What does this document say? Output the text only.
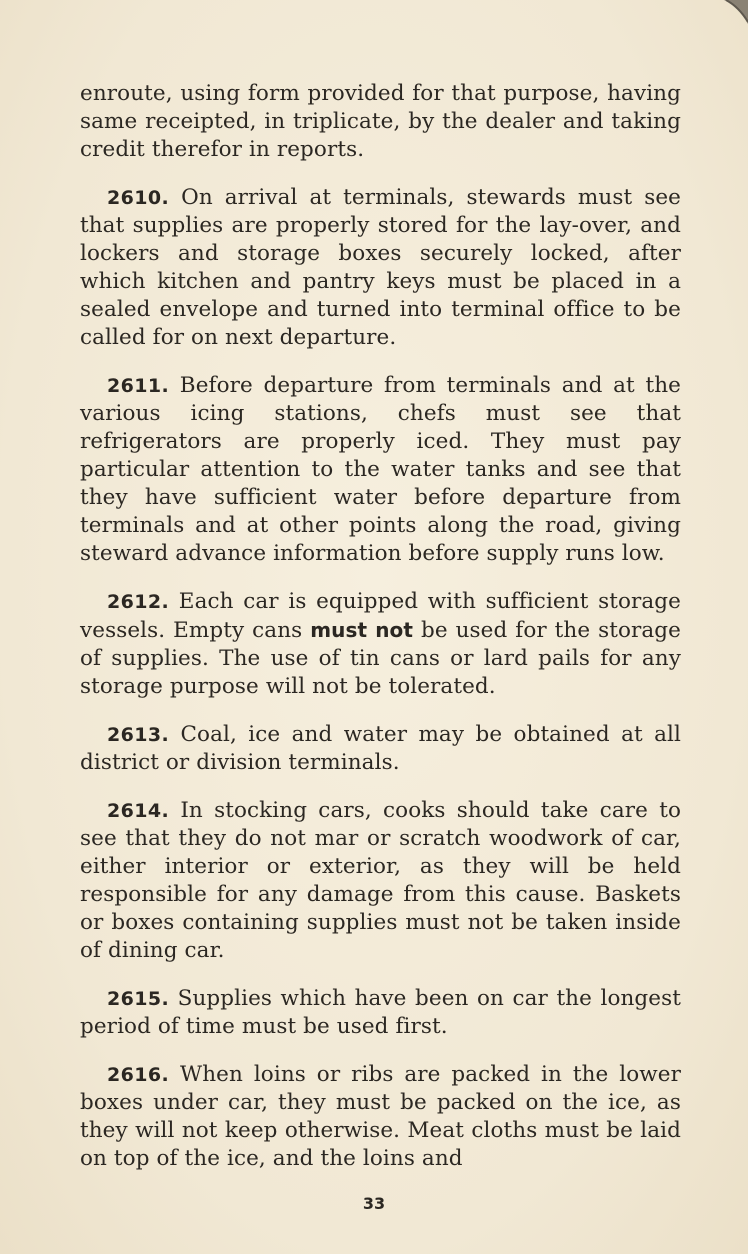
enroute, using form provided for that purpose, having same receipted, in triplicate, by the dealer and taking credit therefor in reports.

2610. On arrival at terminals, stewards must see that supplies are properly stored for the lay-over, and lockers and storage boxes securely locked, after which kitchen and pantry keys must be placed in a sealed envelope and turned into terminal office to be called for on next departure.

2611. Before departure from terminals and at the various icing stations, chefs must see that refrigerators are properly iced. They must pay particular attention to the water tanks and see that they have sufficient water before departure from terminals and at other points along the road, giving steward advance information before supply runs low.

2612. Each car is equipped with sufficient storage vessels. Empty cans must not be used for the storage of supplies. The use of tin cans or lard pails for any storage purpose will not be tolerated.

2613. Coal, ice and water may be obtained at all district or division terminals.

2614. In stocking cars, cooks should take care to see that they do not mar or scratch woodwork of car, either interior or exterior, as they will be held responsible for any damage from this cause. Baskets or boxes containing supplies must not be taken inside of dining car.

2615. Supplies which have been on car the longest period of time must be used first.

2616. When loins or ribs are packed in the lower boxes under car, they must be packed on the ice, as they will not keep otherwise. Meat cloths must be laid on top of the ice, and the loins and

33
